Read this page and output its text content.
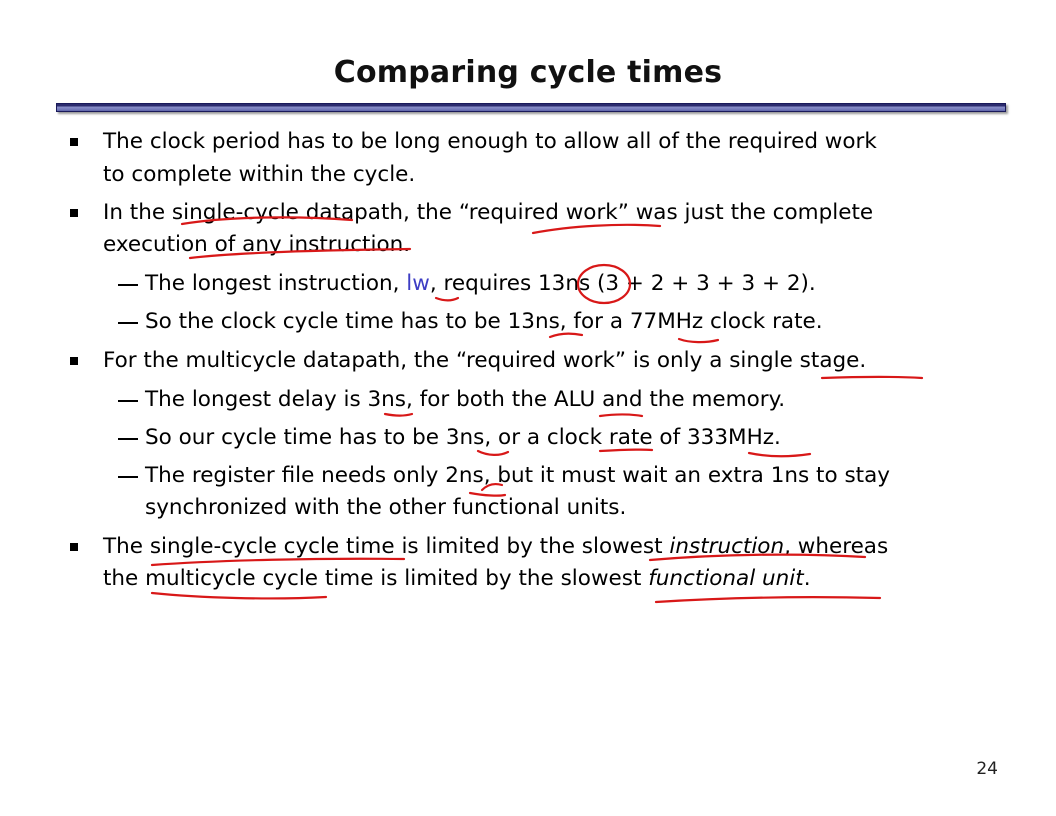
Comparing cycle times
The clock period has to be long enough to allow all of the required work
to complete within the cycle.
In the single-cycle datapath, the “required work” was just the complete
execution of any instruction.
The longest instruction, lw, requires 13ns (3 + 2 + 3 + 3 + 2).
So the clock cycle time has to be 13ns, for a 77MHz clock rate.
For the multicycle datapath, the “required work” is only a single stage.
The longest delay is 3ns, for both the ALU and the memory.
So our cycle time has to be 3ns, or a clock rate of 333MHz.
The register file needs only 2ns, but it must wait an extra 1ns to stay
synchronized with the other functional units.
The single-cycle cycle time is limited by the slowest instruction, whereas
the multicycle cycle time is limited by the slowest functional unit.
24
